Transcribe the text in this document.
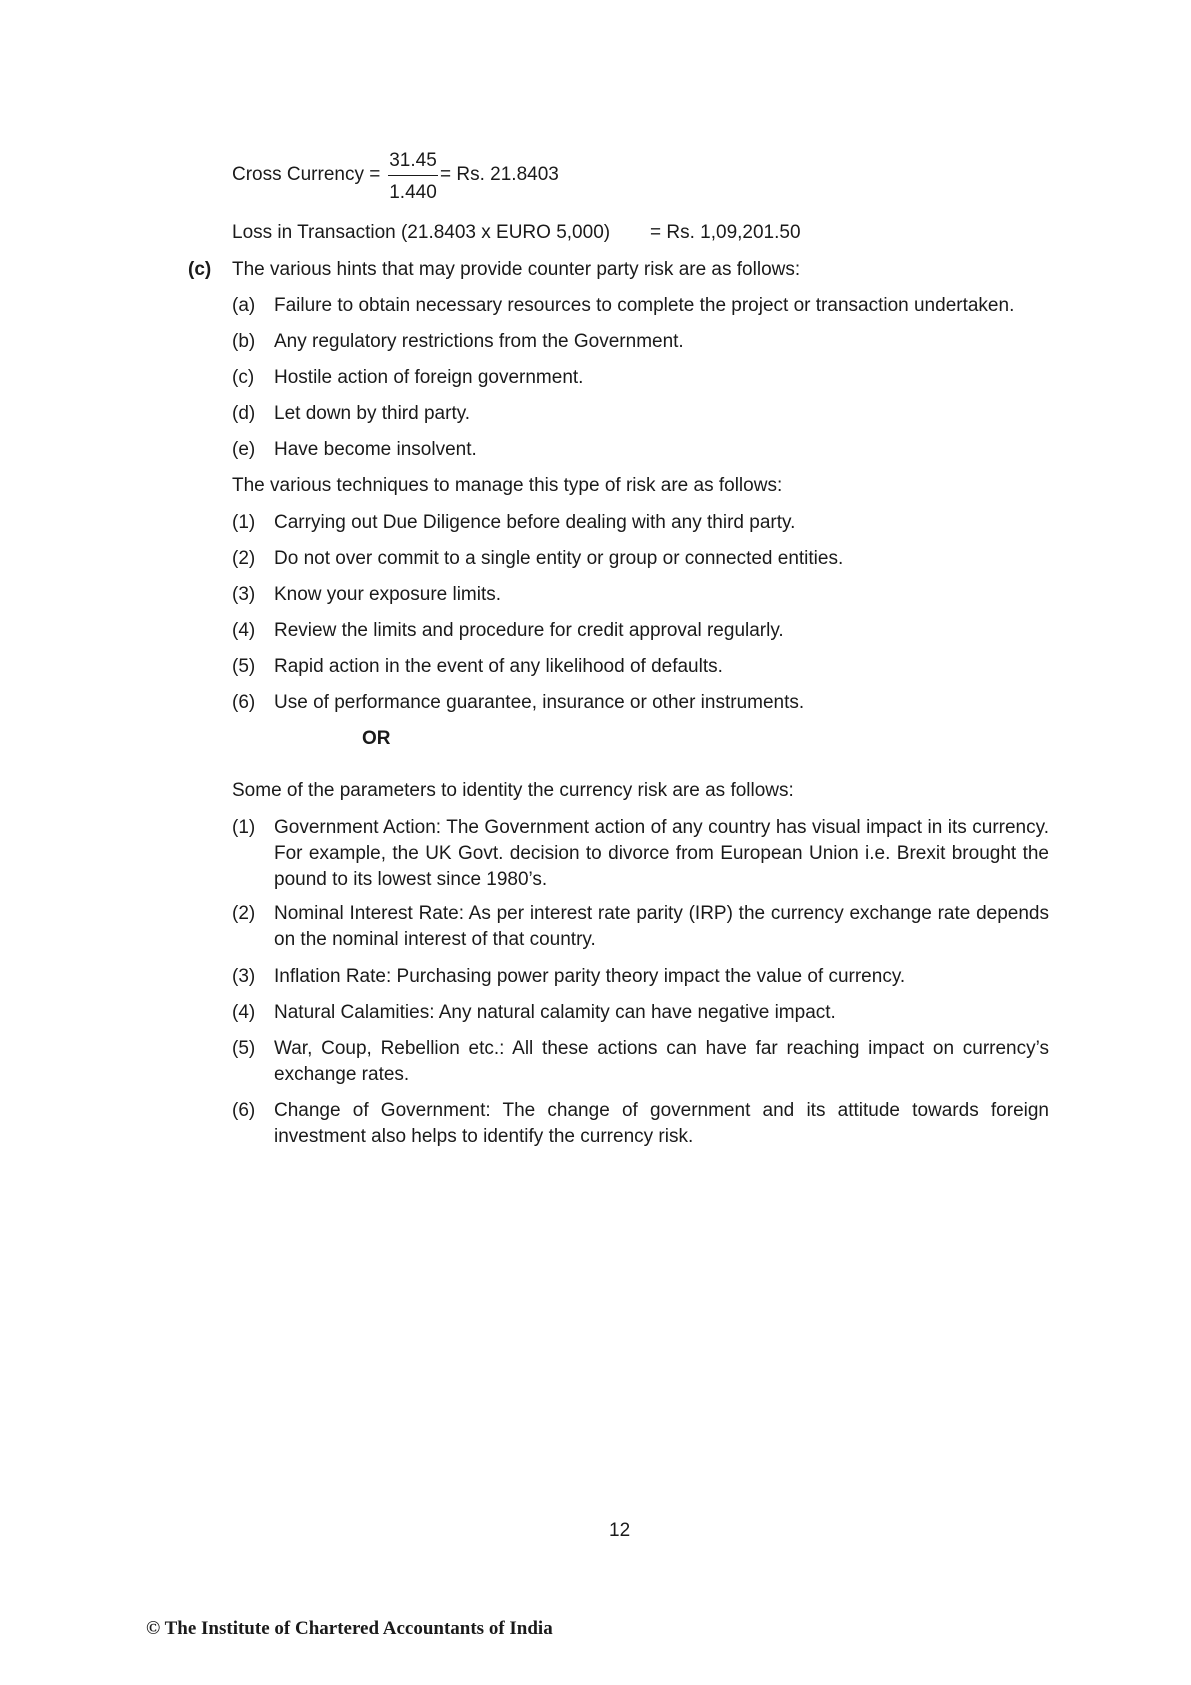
Cross Currency =
31.45
1.440
= Rs. 21.8403
Loss in Transaction (21.8403 x EURO 5,000) = Rs. 1,09,201.50
(c) The various hints that may provide counter party risk are as follows:
(a) Failure to obtain necessary resources to complete the project or transaction undertaken.
(b) Any regulatory restrictions from the Government.
(c) Hostile action of foreign government.
(d) Let down by third party.
(e) Have become insolvent.
The various techniques to manage this type of risk are as follows:
(1) Carrying out Due Diligence before dealing with any third party.
(2) Do not over commit to a single entity or group or connected entities.
(3) Know your exposure limits.
(4) Review the limits and procedure for credit approval regularly.
(5) Rapid action in the event of any likelihood of defaults.
(6) Use of performance guarantee, insurance or other instruments.
OR
Some of the parameters to identity the currency risk are as follows:
(1) Government Action: The Government action of any country has visual impact in its currency. For example, the UK Govt. decision to divorce from European Union i.e. Brexit brought the pound to its lowest since 1980’s.
(2) Nominal Interest Rate: As per interest rate parity (IRP) the currency exchange rate depends on the nominal interest of that country.
(3) Inflation Rate: Purchasing power parity theory impact the value of currency.
(4) Natural Calamities: Any natural calamity can have negative impact.
(5) War, Coup, Rebellion etc.: All these actions can have far reaching impact on currency’s exchange rates.
(6) Change of Government: The change of government and its attitude towards foreign investment also helps to identify the currency risk.
12
© The Institute of Chartered Accountants of India
